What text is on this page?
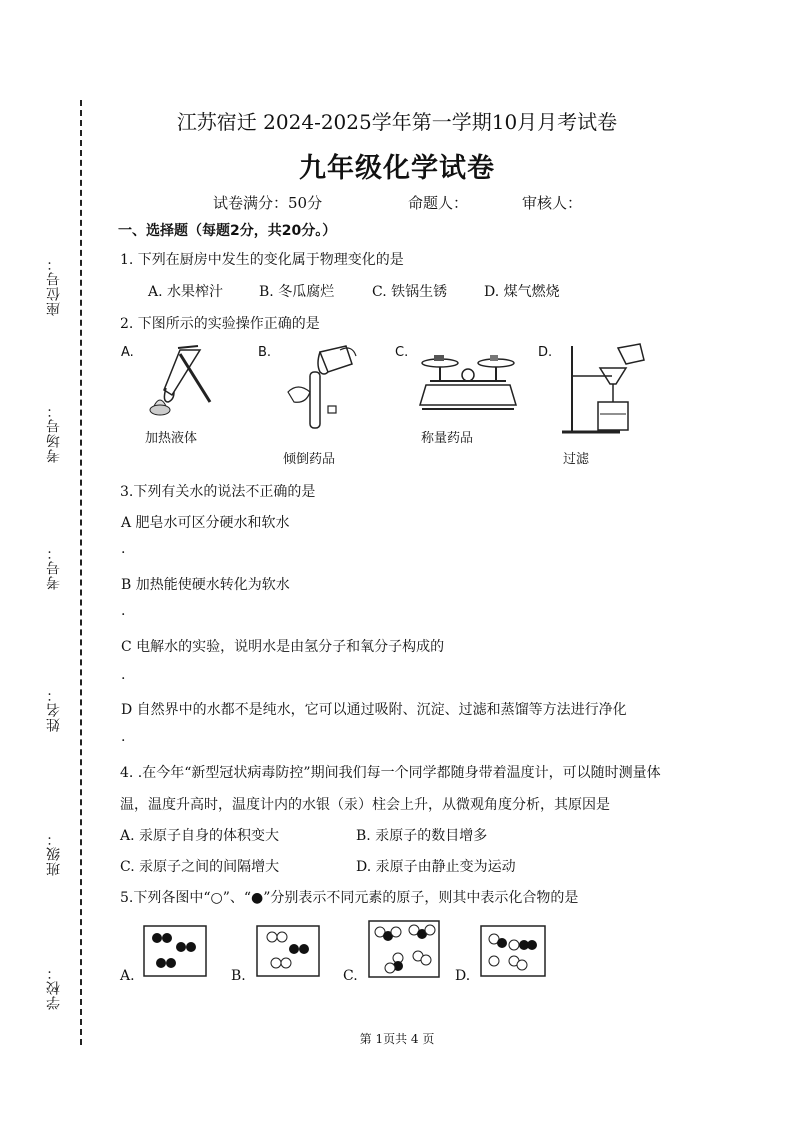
座位号：
考场号：
考号：
姓名：
班级：
学校：
江苏宿迁 2024-2025学年第一学期10月月考试卷
九年级化学试卷
试卷满分：50分	命题人：	审核人：
一、选择题（每题2分，共20分。）
1. 下列在厨房中发生的变化属于物理变化的是
A. 水果榨汁	B. 冬瓜腐烂	C. 铁锅生锈	D. 煤气燃烧
2. 下图所示的实验操作正确的是
A.	B.	C.	D.
加热液体
倾倒药品
称量药品
过滤
3.下列有关水的说法不正确的是
A 肥皂水可区分硬水和软水
.
B 加热能使硬水转化为软水
.
C 电解水的实验，说明水是由氢分子和氧分子构成的
.
D 自然界中的水都不是纯水，它可以通过吸附、沉淀、过滤和蒸馏等方法进行净化
.
4. .在今年“新型冠状病毒防控”期间我们每一个同学都随身带着温度计，可以随时测量体
温，温度升高时，温度计内的水银（汞）柱会上升，从微观角度分析，其原因是
A. 汞原子自身的体积变大	B. 汞原子的数目增多
C. 汞原子之间的间隔增大	D. 汞原子由静止变为运动
5.下列各图中“○”、“●”分别表示不同元素的原子，则其中表示化合物的是
A.	B.	C.	D.
第 1页共 4 页
